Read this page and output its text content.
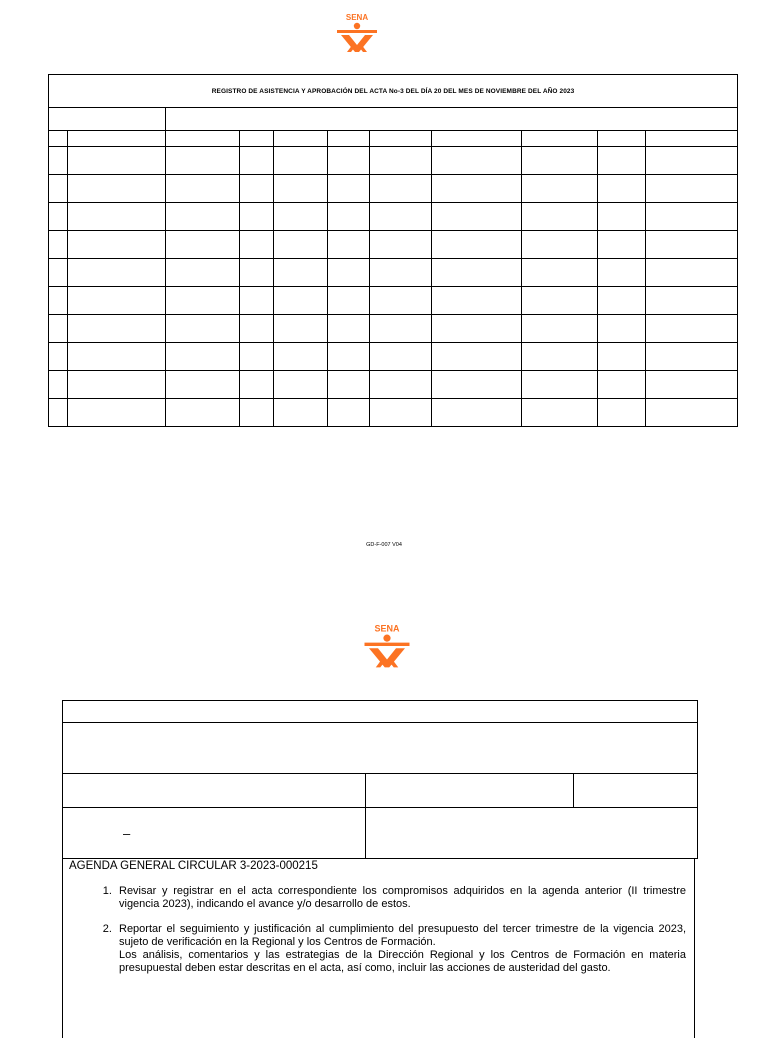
SENA
REGISTRO DE ASISTENCIA Y APROBACIÓN DEL ACTA No-3 DEL DÍA 20 DEL MES DE NOVIEMBRE DEL AÑO 2023										

GD-F-007 V04
SENA

–		
AGENDA GENERAL CIRCULAR 3-2023-000215

1. Revisar y registrar en el acta correspondiente los compromisos adquiridos en la agenda anterior (II trimestre vigencia 2023), indicando el avance y/o desarrollo de estos.

2. Reportar el seguimiento y justificación al cumplimiento del presupuesto del tercer trimestre de la vigencia 2023, sujeto de verificación en la Regional y los Centros de Formación.

Los análisis, comentarios y las estrategias de la Dirección Regional y los Centros de Formación en materia presupuestal deben estar descritas en el acta, así como, incluir las acciones de austeridad del gasto.
